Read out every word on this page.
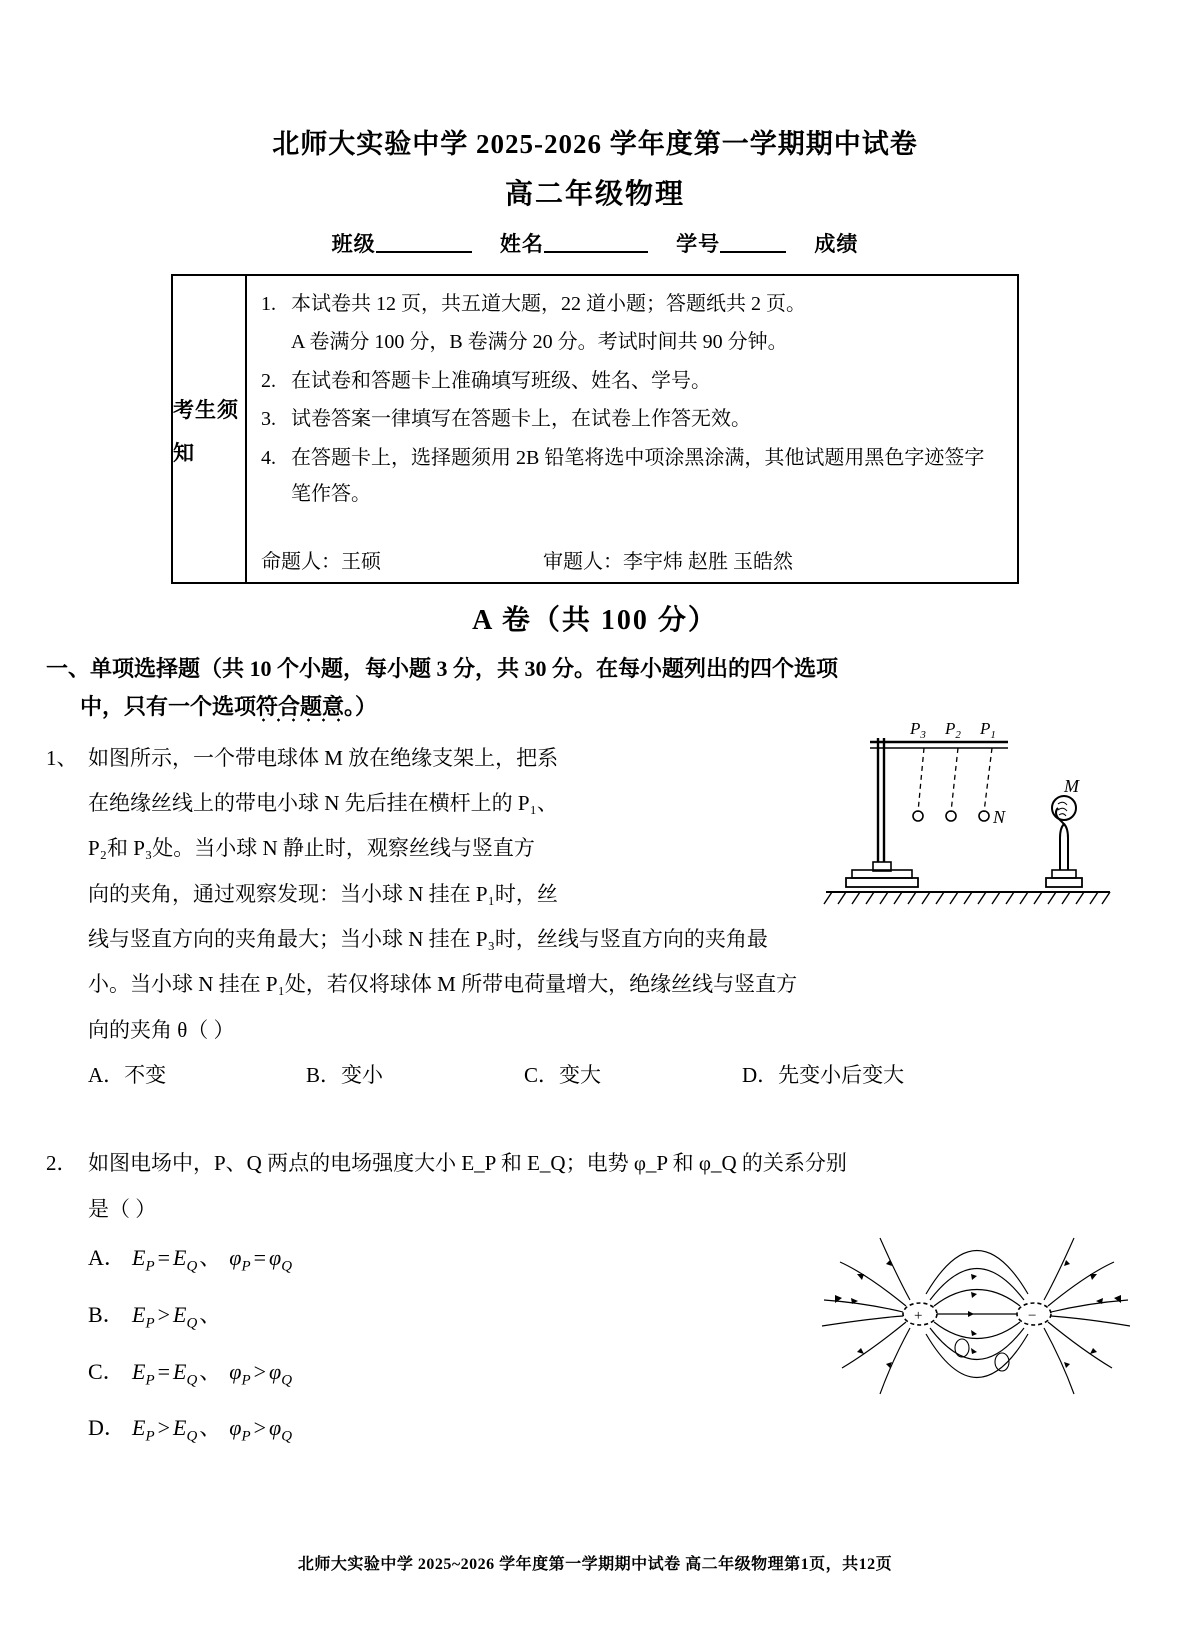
北师大实验中学 2025-2026 学年度第一学期期中试卷
高二年级物理
班级	姓名	学号	成绩
考生须知
1. 本试卷共 12 页，共五道大题，22 道小题；答题纸共 2 页。
A 卷满分 100 分，B 卷满分 20 分。考试时间共 90 分钟。
2. 在试卷和答题卡上准确填写班级、姓名、学号。
3. 试卷答案一律填写在答题卡上，在试卷上作答无效。
4. 在答题卡上，选择题须用 2B 铅笔将选中项涂黑涂满，其他试题用黑色字迹签字笔作答。
命题人：王硕	审题人：李宇炜 赵胜 玉皓然
A 卷（共 100 分）
一、单项选择题（共 10 个小题，每小题 3 分，共 30 分。在每小题列出的四个选项
中，只有一个选项符合题意。）
1、 如图所示，一个带电球体 M 放在绝缘支架上，把系
在绝缘丝线上的带电小球 N 先后挂在横杆上的 P₁、
P₂和 P₃处。当小球 N 静止时，观察丝线与竖直方
向的夹角，通过观察发现：当小球 N 挂在 P₁时，丝
线与竖直方向的夹角最大；当小球 N 挂在 P₃时，丝线与竖直方向的夹角最
小。当小球 N 挂在 P₁处，若仅将球体 M 所带电荷量增大，绝缘丝线与竖直方
向的夹角 θ（ ）
A．不变	B．变小	C．变大	D．先变小后变大
2． 如图电场中，P、Q 两点的电场强度大小 E_P 和 E_Q；电势 φ_P 和 φ_Q 的关系分别
是（ ）
A． $E_P = E_Q$、 $\varphi_P = \varphi_Q$
B． $E_P > E_Q$、
C． $E_P = E_Q$、 $\varphi_P > \varphi_Q$
D． $E_P > E_Q$、 $\varphi_P > \varphi_Q$
$P_3$ $P_2$ $P_1$
N
M
+	−
北师大实验中学 2025~2026 学年度第一学期期中试卷 高二年级物理第1页，共12页
